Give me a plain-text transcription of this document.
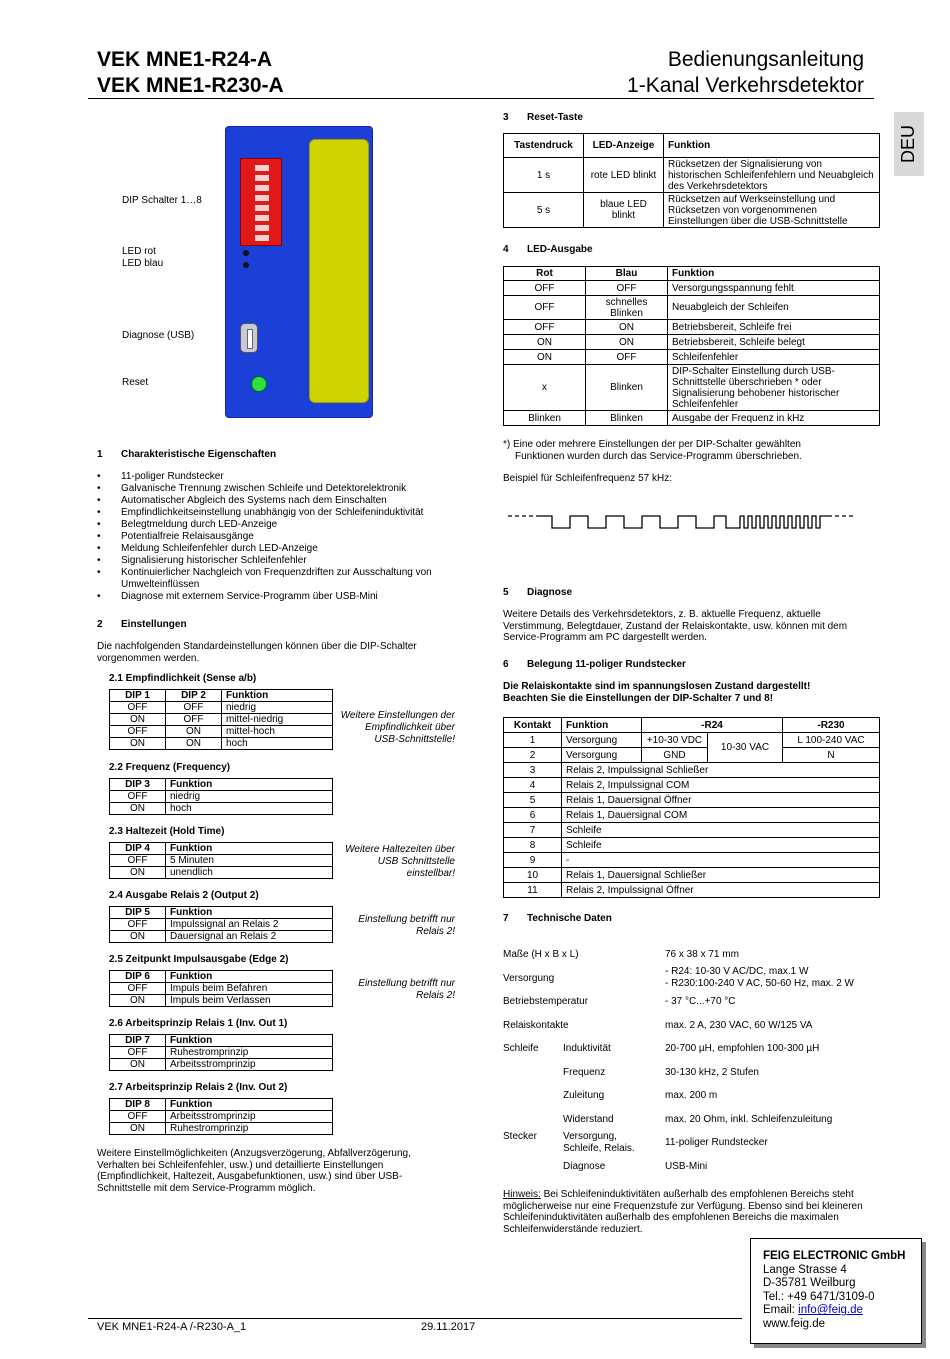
VEK MNE1-R24-A
VEK MNE1-R230-A
Bedienungsanleitung
1-Kanal Verkehrsdetektor
DEU
DIP Schalter 1…8
LED rot
LED blau
Diagnose (USB)
Reset
1 Charakteristische Eigenschaften
• 11-poliger Rundstecker
• Galvanische Trennung zwischen Schleife und Detektorelektronik
• Automatischer Abgleich des Systems nach dem Einschalten
• Empfindlichkeitseinstellung unabhängig von der Schleifeninduktivität
• Belegtmeldung durch LED-Anzeige
• Potentialfreie Relaisausgänge
• Meldung Schleifenfehler durch LED-Anzeige
• Signalisierung historischer Schleifenfehler
• Kontinuierlicher Nachgleich von Frequenzdriften zur Ausschaltung von Umwelteinflüssen
• Diagnose mit externem Service-Programm über USB-Mini
2 Einstellungen

Die nachfolgenden Standardeinstellungen können über die DIP-Schalter vorgenommen werden.

2.1 Empfindlichkeit (Sense a/b)
DIP 1	DIP 2	Funktion
OFF	OFF	niedrig
ON	OFF	mittel-niedrig
OFF	ON	mittel-hoch
ON	ON	hoch
Weitere Einstellungen der Empfindlichkeit über USB-Schnittstelle!
2.2 Frequenz (Frequency)
DIP 3	Funktion
OFF	niedrig
ON	hoch
2.3 Haltezeit (Hold Time)
DIP 4	Funktion
OFF	5 Minuten
ON	unendlich
Weitere Haltezeiten über USB Schnittstelle einstellbar!
2.4 Ausgabe Relais 2 (Output 2)
DIP 5	Funktion
OFF	Impulssignal an Relais 2
ON	Dauersignal an Relais 2
Einstellung betrifft nur Relais 2!
2.5 Zeitpunkt Impulsausgabe (Edge 2)
DIP 6	Funktion
OFF	Impuls beim Befahren
ON	Impuls beim Verlassen
Einstellung betrifft nur Relais 2!
2.6 Arbeitsprinzip Relais 1 (Inv. Out 1)
DIP 7	Funktion
OFF	Ruhestromprinzip
ON	Arbeitsstromprinzip
2.7 Arbeitsprinzip Relais 2 (Inv. Out 2)
DIP 8	Funktion
OFF	Arbeitsstromprinzip
ON	Ruhestromprinzip

Weitere Einstellmöglichkeiten (Anzugsverzögerung, Abfallverzögerung, Verhalten bei Schleifenfehler, usw.) und detaillierte Einstellungen (Empfindlichkeit, Haltezeit, Ausgabefunktionen, usw.) sind über USB-Schnittstelle mit dem Service-Programm möglich.

3 Reset-Taste
Tastendruck	LED-Anzeige	Funktion
1 s	rote LED blinkt	Rücksetzen der Signalisierung von historischen Schleifenfehlern und Neuabgleich des Verkehrsdetektors
5 s	blaue LED blinkt	Rücksetzen auf Werkseinstellung und Rücksetzen von vorgenommenen Einstellungen über die USB-Schnittstelle
4 LED-Ausgabe
Rot	Blau	Funktion
OFF	OFF	Versorgungsspannung fehlt
OFF	schnelles Blinken	Neuabgleich der Schleifen
OFF	ON	Betriebsbereit, Schleife frei
ON	ON	Betriebsbereit, Schleife belegt
ON	OFF	Schleifenfehler
x	Blinken	DIP-Schalter Einstellung durch USB-Schnittstelle überschrieben * oder Signalisierung behobener historischer Schleifenfehler
Blinken	Blinken	Ausgabe der Frequenz in kHz
*) Eine oder mehrere Einstellungen der per DIP-Schalter gewählten
Funktionen wurden durch das Service-Programm überschrieben.
Beispiel für Schleifenfrequenz 57 kHz:
5 Diagnose

Weitere Details des Verkehrsdetektors, z. B. aktuelle Frequenz, aktuelle Verstimmung, Belegtdauer, Zustand der Relaiskontakte, usw. können mit dem Service-Programm am PC dargestellt werden.

6 Belegung 11-poliger Rundstecker
Die Relaiskontakte sind im spannungslosen Zustand dargestellt!
Beachten Sie die Einstellungen der DIP-Schalter 7 und 8!
Kontakt	Funktion	-R24		-R230
1	Versorgung	+10-30 VDC	10-30 VAC	L 100-240 VAC
2	Versorgung	GND		N
3	Relais 2, Impulssignal Schließer			
4	Relais 2, Impulssignal COM			
5	Relais 1, Dauersignal Öffner			
6	Relais 1, Dauersignal COM			
7	Schleife			
8	Schleife			
9	-			
10	Relais 1, Dauersignal Schließer			
11	Relais 2, Impulssignal Öffner			
7 Technische Daten
Maße (H x B x L)	76 x 38 x 71 mm
Versorgung
- R24: 10-30 V AC/DC, max.1 W
- R230:100-240 V AC, 50-60 Hz, max. 2 W
Betriebstemperatur	- 37 °C...+70 °C
Relaiskontakte	max. 2 A, 230 VAC, 60 W/125 VA
Schleife Induktivität	20-700 µH, empfohlen 100-300 µH
Frequenz	30-130 kHz, 2 Stufen
Zuleitung	max. 200 m
Widerstand	max. 20 Ohm, inkl. Schleifenzuleitung
Stecker	Versorgung,
Schleife, Relais.
11-poliger Rundstecker
Diagnose	USB-Mini

Hinweis: Bei Schleifeninduktivitäten außerhalb des empfohlenen Bereichs steht möglicherweise nur eine Frequenzstufe zur Verfügung. Ebenso sind bei kleineren Schleifeninduktivitäten außerhalb des empfohlenen Bereichs die maximalen Schleifenwiderstände reduziert.

FEIG ELECTRONIC GmbH
Lange Strasse 4
D-35781 Weilburg
Tel.: +49 6471/3109-0
Email: info@feig.de
www.feig.de
VEK MNE1-R24-A /-R230-A_1	29.11.2017
